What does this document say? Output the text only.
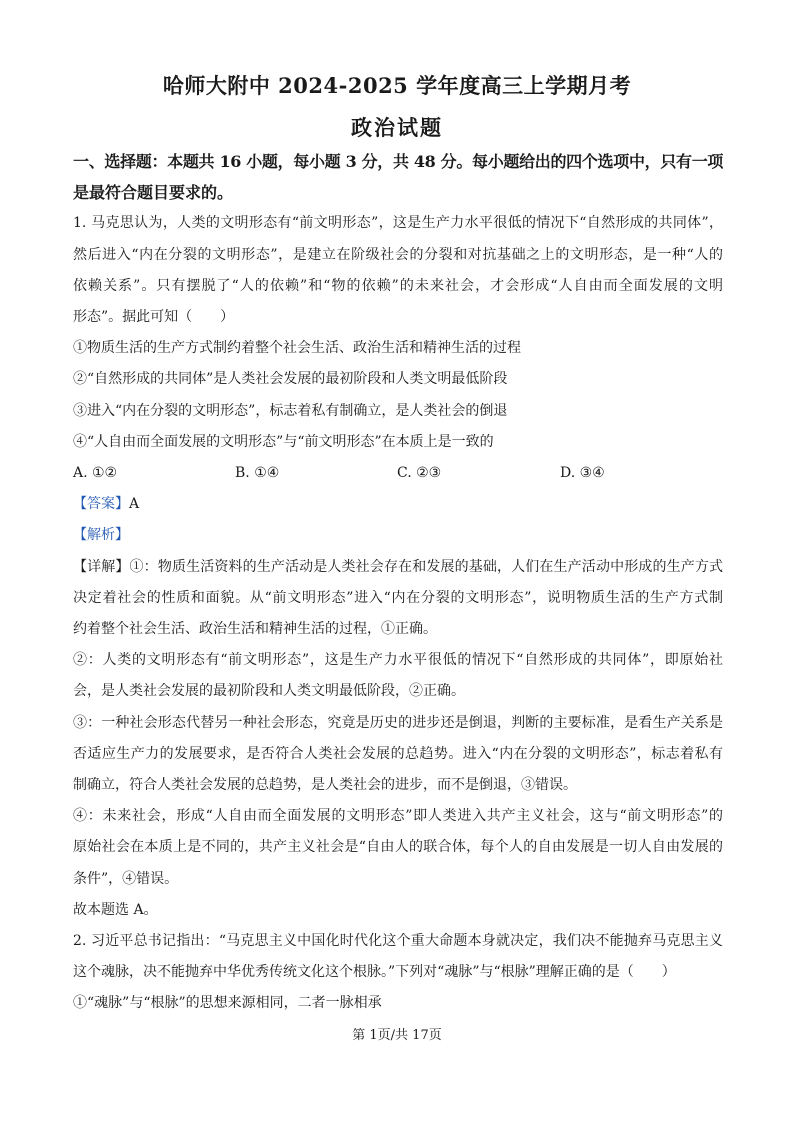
哈师大附中 2024-2025 学年度高三上学期月考
政治试题

一、选择题：本题共 16 小题，每小题 3 分，共 48 分。每小题给出的四个选项中，只有一项

是最符合题目要求的。

1. 马克思认为，人类的文明形态有“前文明形态”，这是生产力水平很低的情况下“自然形成的共同体”，

然后进入“内在分裂的文明形态”，是建立在阶级社会的分裂和对抗基础之上的文明形态，是一种“人的

依赖关系”。只有摆脱了“人的依赖”和“物的依赖”的未来社会，才会形成“人自由而全面发展的文明

形态”。据此可知（　　）

①物质生活的生产方式制约着整个社会生活、政治生活和精神生活的过程

②“自然形成的共同体”是人类社会发展的最初阶段和人类文明最低阶段

③进入“内在分裂的文明形态”，标志着私有制确立，是人类社会的倒退

④“人自由而全面发展的文明形态”与“前文明形态”在本质上是一致的

A. ①②	B. ①④	C. ②③	D. ③④

【答案】A

【解析】

【详解】①：物质生活资料的生产活动是人类社会存在和发展的基础，人们在生产活动中形成的生产方式

决定着社会的性质和面貌。从“前文明形态”进入“内在分裂的文明形态”，说明物质生活的生产方式制

约着整个社会生活、政治生活和精神生活的过程，①正确。

②：人类的文明形态有“前文明形态”，这是生产力水平很低的情况下“自然形成的共同体”，即原始社

会，是人类社会发展的最初阶段和人类文明最低阶段，②正确。

③：一种社会形态代替另一种社会形态，究竟是历史的进步还是倒退，判断的主要标准，是看生产关系是

否适应生产力的发展要求，是否符合人类社会发展的总趋势。进入“内在分裂的文明形态”，标志着私有

制确立，符合人类社会发展的总趋势，是人类社会的进步，而不是倒退，③错误。

④：未来社会，形成“人自由而全面发展的文明形态”即人类进入共产主义社会，这与“前文明形态”的

原始社会在本质上是不同的，共产主义社会是“自由人的联合体，每个人的自由发展是一切人自由发展的

条件”，④错误。

故本题选 A。

2. 习近平总书记指出：“马克思主义中国化时代化这个重大命题本身就决定，我们决不能抛弃马克思主义

这个魂脉，决不能抛弃中华优秀传统文化这个根脉。”下列对“魂脉”与“根脉”理解正确的是（　　）

①“魂脉”与“根脉”的思想来源相同，二者一脉相承

第 1页/共 17页
